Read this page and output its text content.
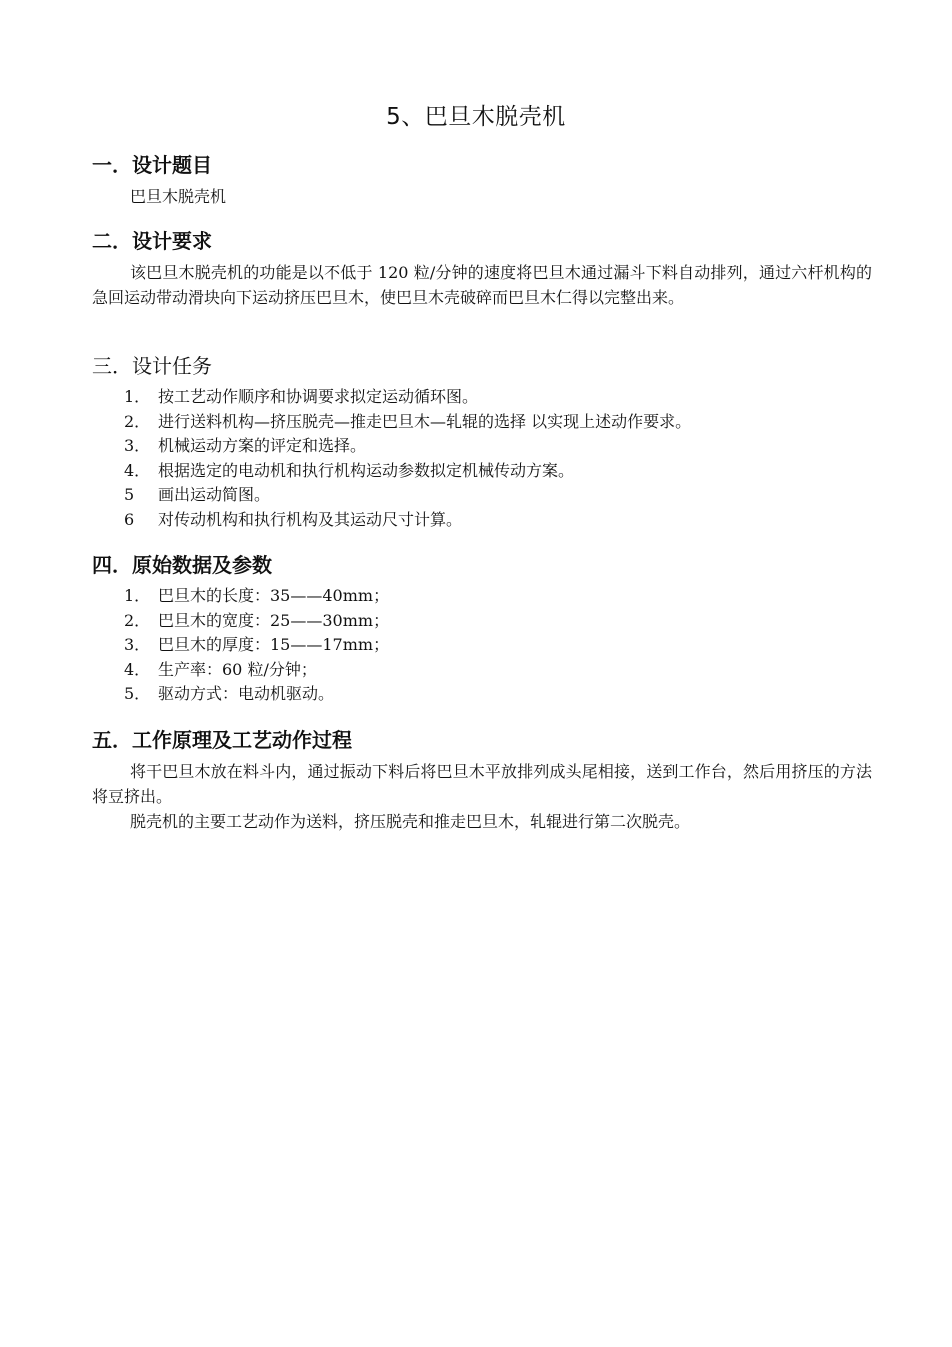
5、巴旦木脱壳机
一．设计题目

巴旦木脱壳机

二．设计要求

该巴旦木脱壳机的功能是以不低于 120 粒/分钟的速度将巴旦木通过漏斗下料自动排列，通过六杆机构的急回运动带动滑块向下运动挤压巴旦木，使巴旦木壳破碎而巴旦木仁得以完整出来。

三．设计任务
1． 按工艺动作顺序和协调要求拟定运动循环图。
2． 进行送料机构—挤压脱壳—推走巴旦木—轧辊的选择 以实现上述动作要求。
3． 机械运动方案的评定和选择。
4． 根据选定的电动机和执行机构运动参数拟定机械传动方案。
5	画出运动简图。
6	对传动机构和执行机构及其运动尺寸计算。
四．原始数据及参数
1． 巴旦木的长度：35——40mm；
2． 巴旦木的宽度：25——30mm；
3． 巴旦木的厚度：15——17mm；
4． 生产率：60 粒/分钟；
5． 驱动方式：电动机驱动。
五．工作原理及工艺动作过程

将干巴旦木放在料斗内，通过振动下料后将巴旦木平放排列成头尾相接，送到工作台，然后用挤压的方法将豆挤出。

脱壳机的主要工艺动作为送料，挤压脱壳和推走巴旦木，轧辊进行第二次脱壳。
